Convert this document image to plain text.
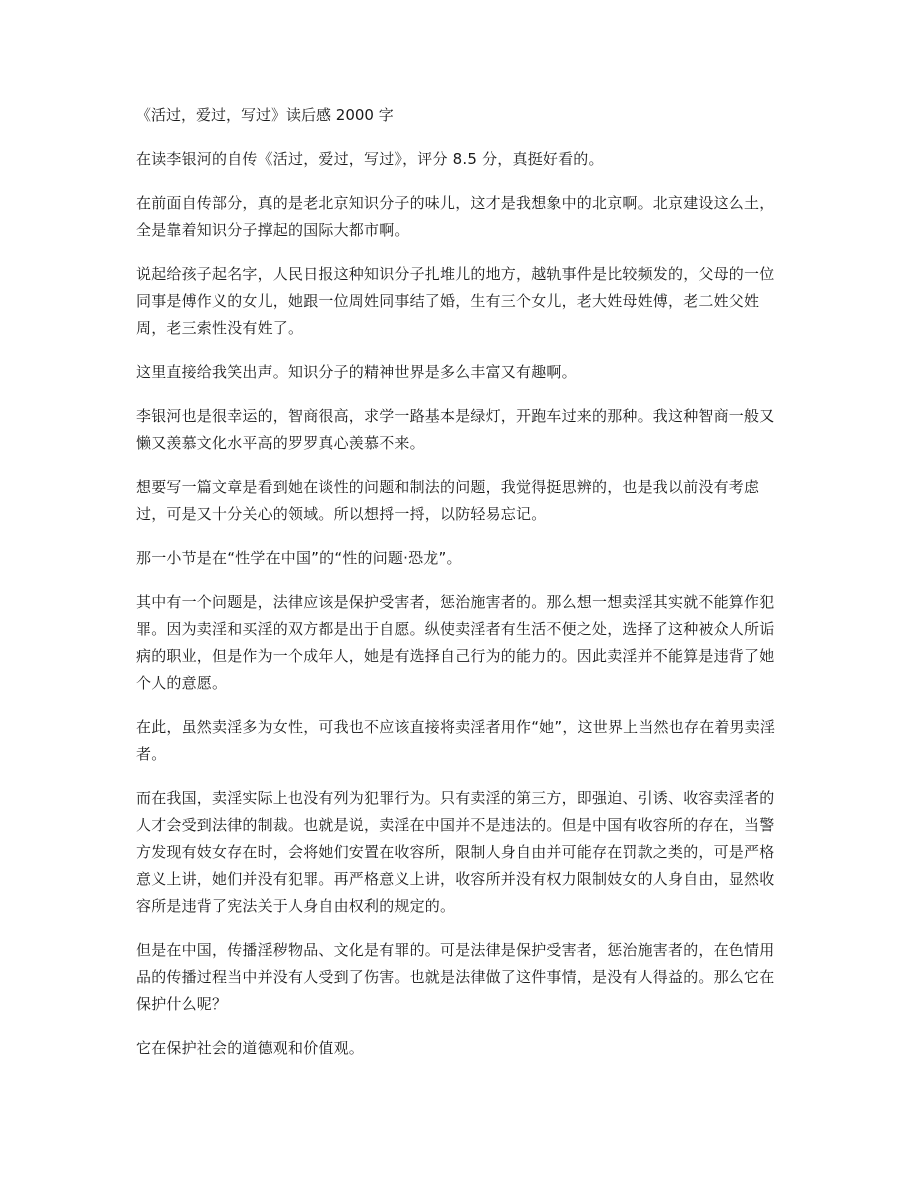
《活过，爱过，写过》读后感 2000 字

在读李银河的自传《活过，爱过，写过》，评分 8.5 分，真挺好看的。

在前面自传部分，真的是老北京知识分子的味儿，这才是我想象中的北京啊。北京建设这么土，全是靠着知识分子撑起的国际大都市啊。

说起给孩子起名字，人民日报这种知识分子扎堆儿的地方，越轨事件是比较频发的，父母的一位同事是傅作义的女儿，她跟一位周姓同事结了婚，生有三个女儿，老大姓母姓傅，老二姓父姓周，老三索性没有姓了。

这里直接给我笑出声。知识分子的精神世界是多么丰富又有趣啊。

李银河也是很幸运的，智商很高，求学一路基本是绿灯，开跑车过来的那种。我这种智商一般又懒又羡慕文化水平高的罗罗真心羡慕不来。

想要写一篇文章是看到她在谈性的问题和制法的问题，我觉得挺思辨的，也是我以前没有考虑过，可是又十分关心的领域。所以想捋一捋，以防轻易忘记。

那一小节是在“性学在中国”的“性的问题·恐龙”。

其中有一个问题是，法律应该是保护受害者，惩治施害者的。那么想一想卖淫其实就不能算作犯罪。因为卖淫和买淫的双方都是出于自愿。纵使卖淫者有生活不便之处，选择了这种被众人所诟病的职业，但是作为一个成年人，她是有选择自己行为的能力的。因此卖淫并不能算是违背了她个人的意愿。

在此，虽然卖淫多为女性，可我也不应该直接将卖淫者用作“她”，这世界上当然也存在着男卖淫者。

而在我国，卖淫实际上也没有列为犯罪行为。只有卖淫的第三方，即强迫、引诱、收容卖淫者的人才会受到法律的制裁。也就是说，卖淫在中国并不是违法的。但是中国有收容所的存在，当警方发现有妓女存在时，会将她们安置在收容所，限制人身自由并可能存在罚款之类的，可是严格意义上讲，她们并没有犯罪。再严格意义上讲，收容所并没有权力限制妓女的人身自由，显然收容所是违背了宪法关于人身自由权利的规定的。

但是在中国，传播淫秽物品、文化是有罪的。可是法律是保护受害者，惩治施害者的，在色情用品的传播过程当中并没有人受到了伤害。也就是法律做了这件事情，是没有人得益的。那么它在保护什么呢？

它在保护社会的道德观和价值观。
